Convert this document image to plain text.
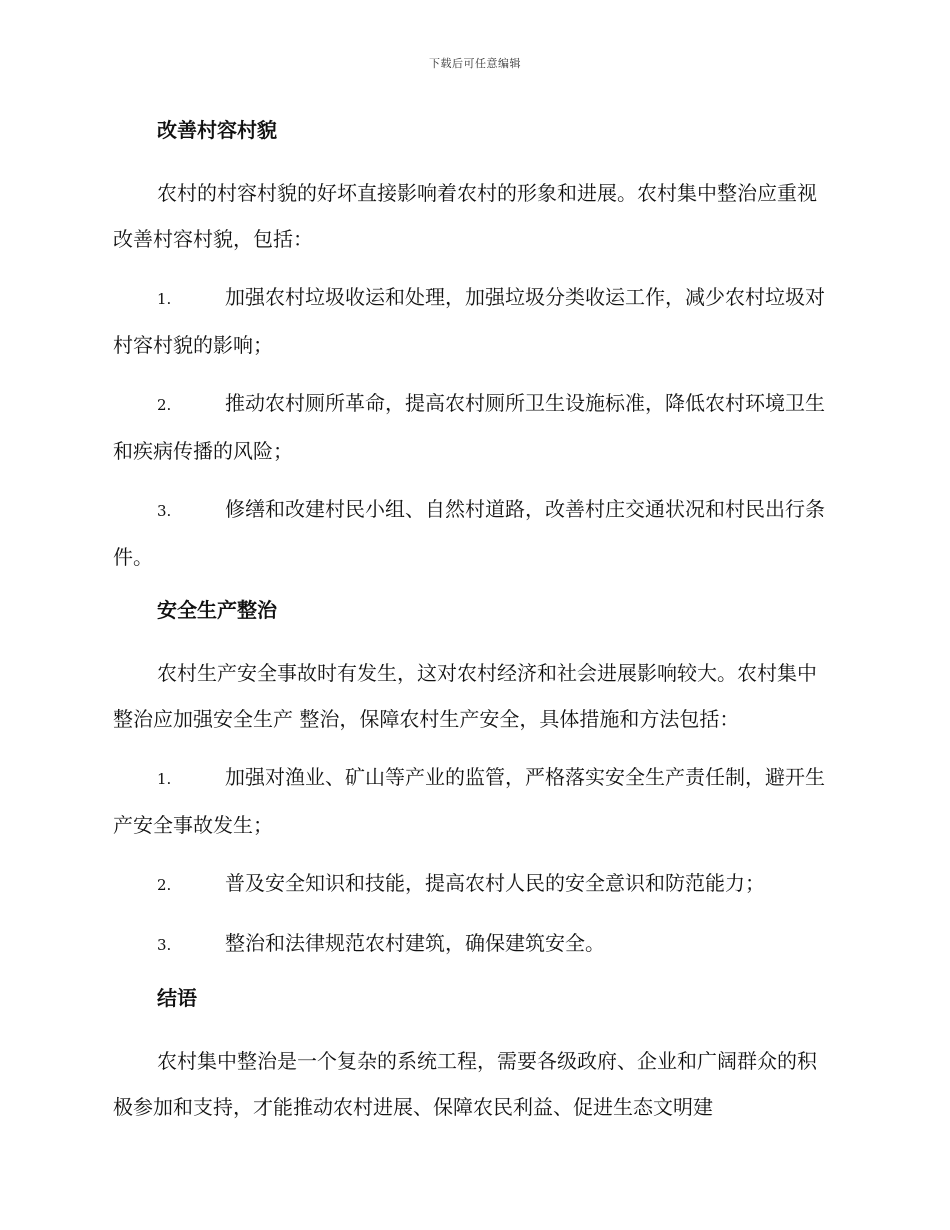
下载后可任意编辑
改善村容村貌

农村的村容村貌的好坏直接影响着农村的形象和进展。农村集中整治应重视改善村容村貌，包括：

1.	加强农村垃圾收运和处理，加强垃圾分类收运工作，减少农村垃圾对村容村貌的影响；

2.	推动农村厕所革命，提高农村厕所卫生设施标准，降低农村环境卫生和疾病传播的风险；

3.	修缮和改建村民小组、自然村道路，改善村庄交通状况和村民出行条件。

安全生产整治

农村生产安全事故时有发生，这对农村经济和社会进展影响较大。农村集中整治应加强安全生产 整治，保障农村生产安全，具体措施和方法包括：

1.	加强对渔业、矿山等产业的监管，严格落实安全生产责任制，避开生产安全事故发生；

2.	普及安全知识和技能，提高农村人民的安全意识和防范能力；

3.	整治和法律规范农村建筑，确保建筑安全。

结语

农村集中整治是一个复杂的系统工程，需要各级政府、企业和广阔群众的积极参加和支持，才能推动农村进展、保障农民利益、促进生态文明建
